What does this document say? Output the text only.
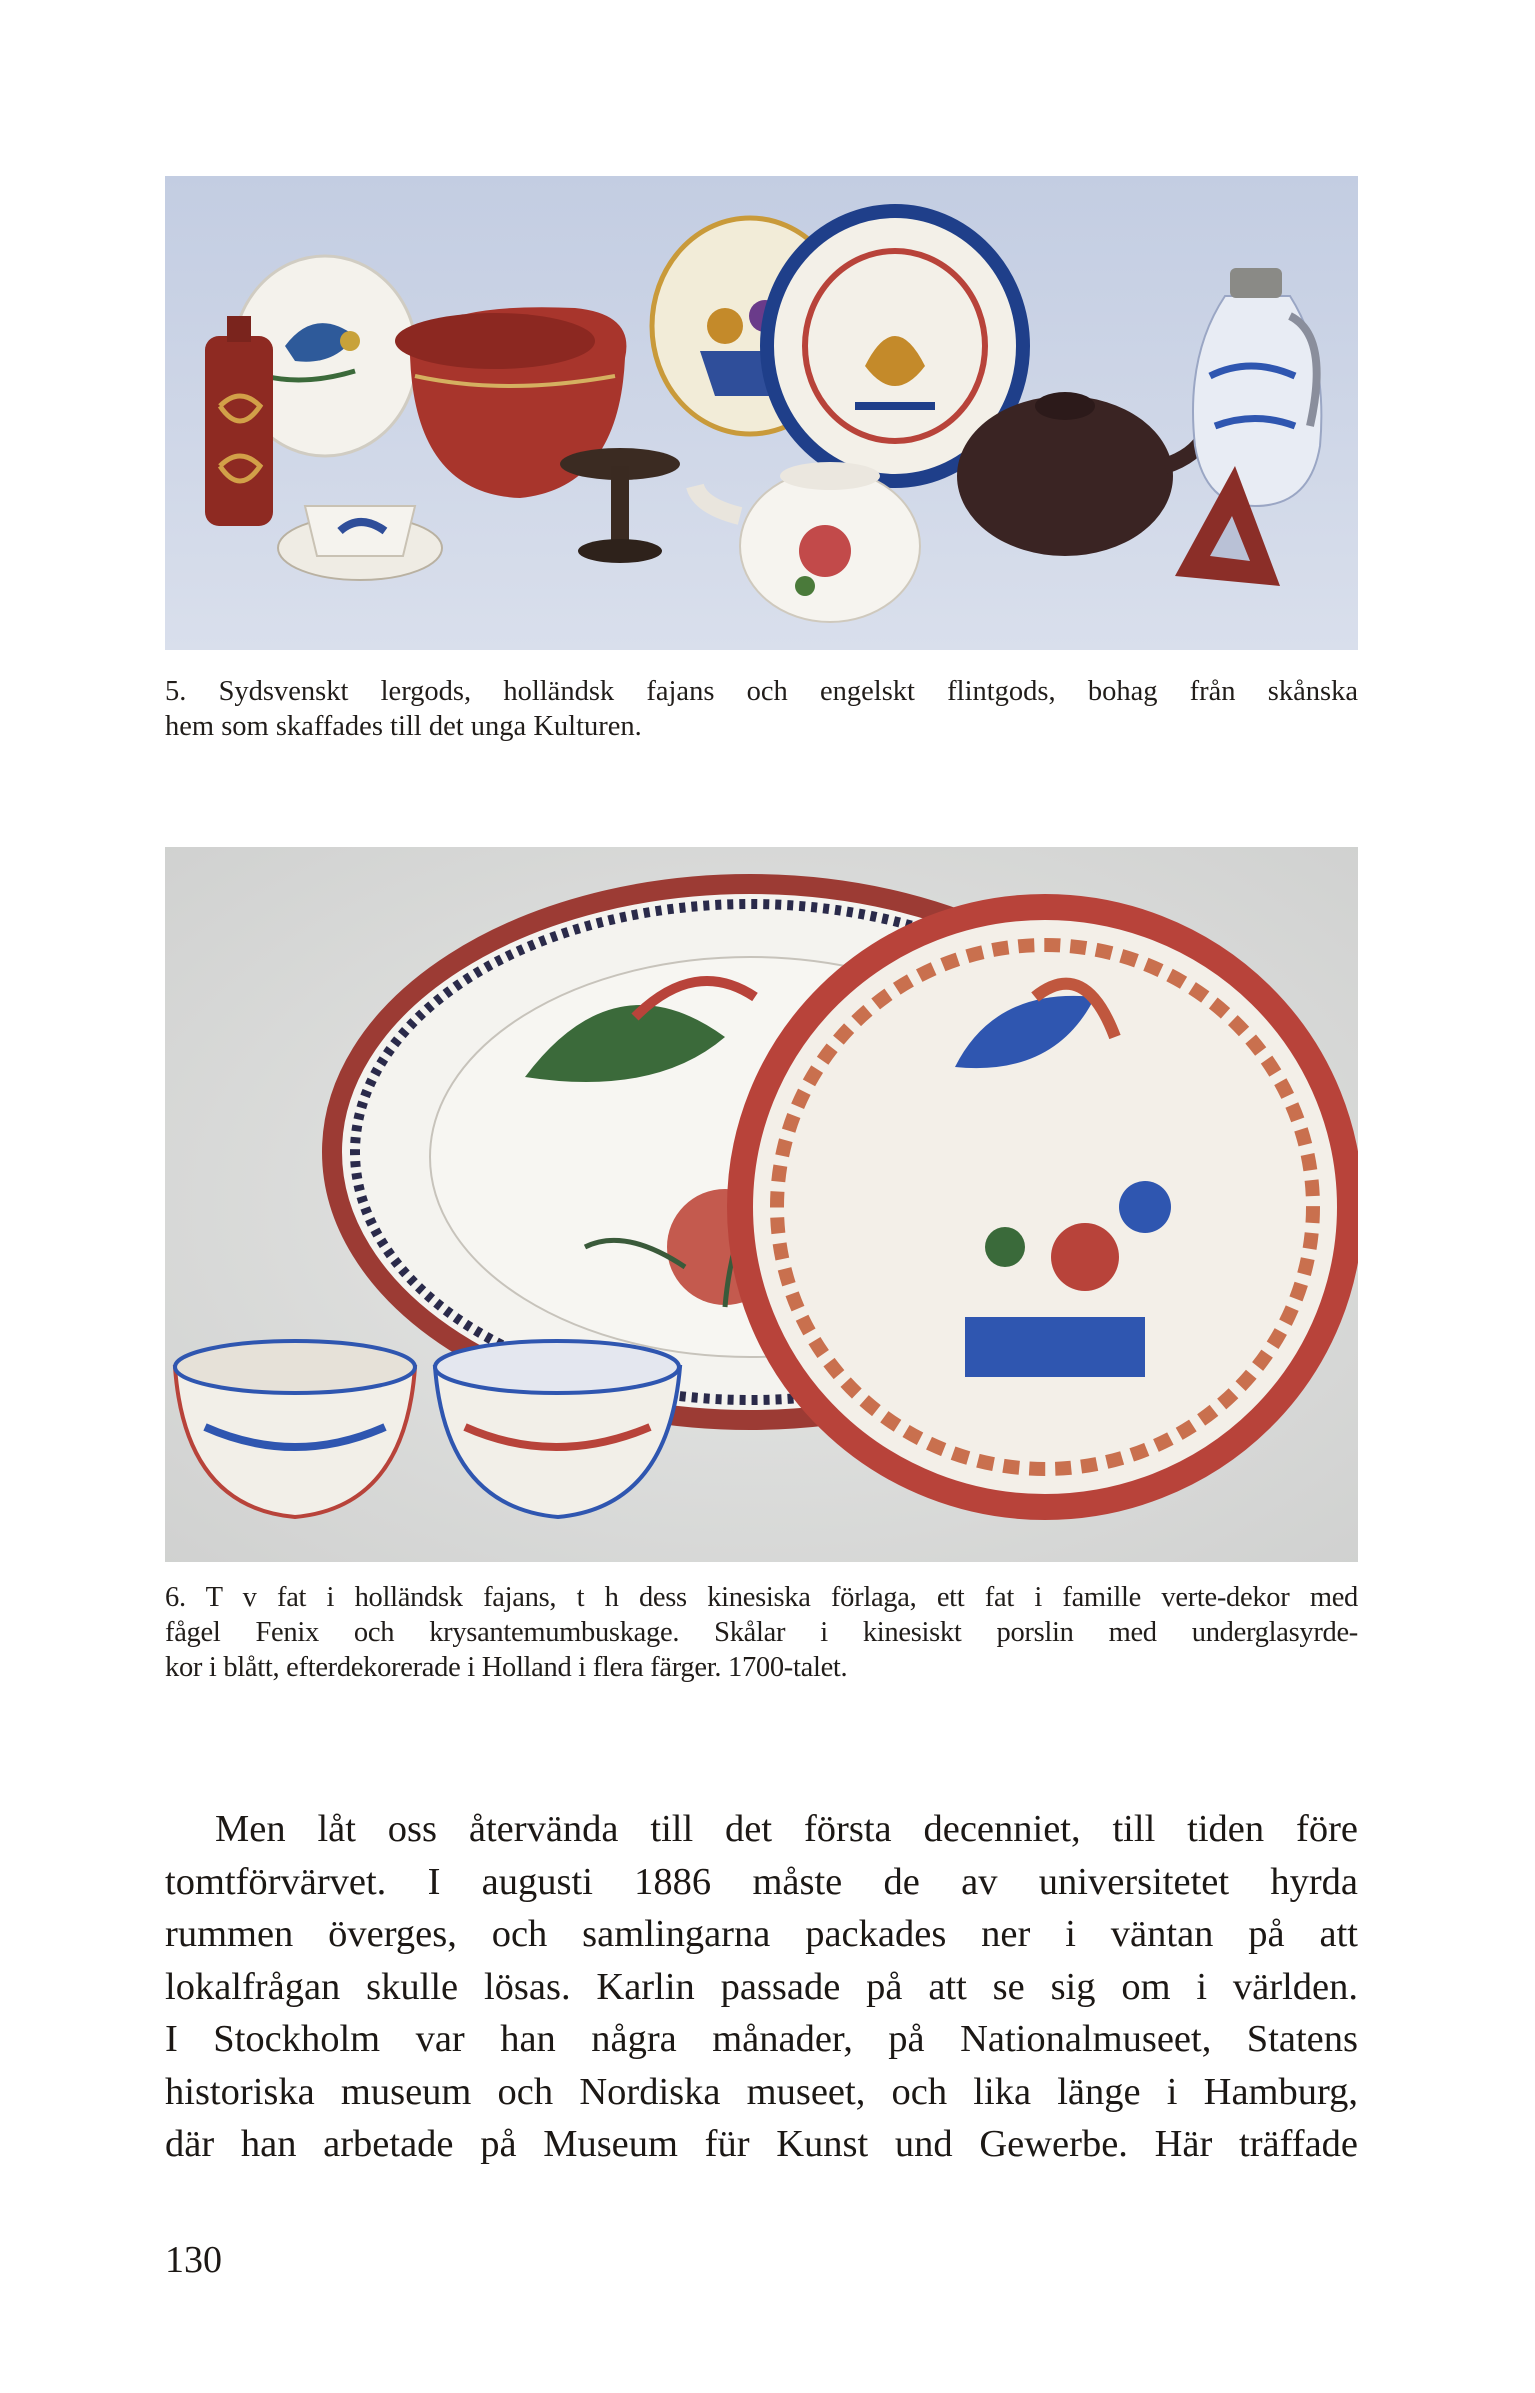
5. Sydsvenskt lergods, holländsk fajans och engelskt flintgods, bohag från skånska
hem som skaffades till det unga Kulturen.

6. T v fat i holländsk fajans, t h dess kinesiska förlaga, ett fat i famille verte-dekor med
fågel Fenix och krysantemumbuskage. Skålar i kinesiskt porslin med underglasyrde-
kor i blått, efterdekorerade i Holland i flera färger. 1700-talet.

Men låt oss återvända till det första decenniet, till tiden före
tomtförvärvet. I augusti 1886 måste de av universitetet hyrda
rummen överges, och samlingarna packades ner i väntan på att
lokalfrågan skulle lösas. Karlin passade på att se sig om i världen.
I Stockholm var han några månader, på Nationalmuseet, Statens
historiska museum och Nordiska museet, och lika länge i Hamburg,
där han arbetade på Museum für Kunst und Gewerbe. Här träffade

130
